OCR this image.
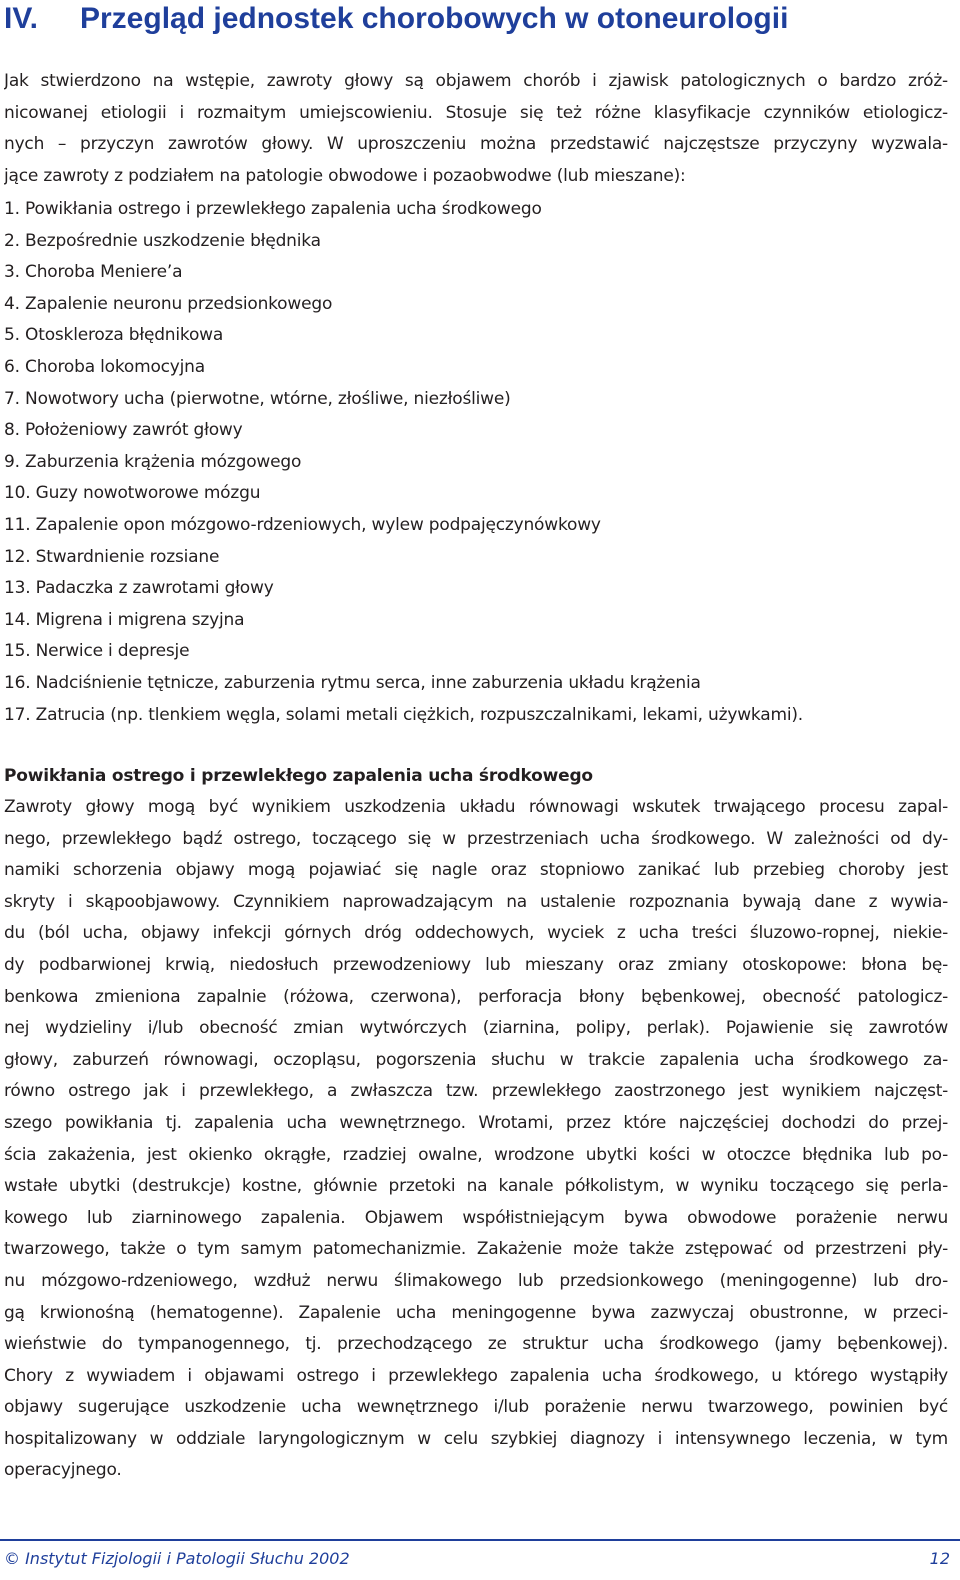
IV. Przegląd jednostek chorobowych w otoneurologii

Jak stwierdzono na wstępie, zawroty głowy są objawem chorób i zjawisk patologicznych o bardzo zróż-
nicowanej etiologii i rozmaitym umiejscowieniu. Stosuje się też różne klasyfikacje czynników etiologicz-
nych – przyczyn zawrotów głowy. W uproszczeniu można przedstawić najczęstsze przyczyny wyzwala-
jące zawroty z podziałem na patologie obwodowe i pozaobwodwe (lub mieszane):

1. Powikłania ostrego i przewlekłego zapalenia ucha środkowego
2. Bezpośrednie uszkodzenie błędnika
3. Choroba Meniere’a
4. Zapalenie neuronu przedsionkowego
5. Otoskleroza błędnikowa
6. Choroba lokomocyjna
7. Nowotwory ucha (pierwotne, wtórne, złośliwe, niezłośliwe)
8. Położeniowy zawrót głowy
9. Zaburzenia krążenia mózgowego
10. Guzy nowotworowe mózgu
11. Zapalenie opon mózgowo-rdzeniowych, wylew podpajęczynówkowy
12. Stwardnienie rozsiane
13. Padaczka z zawrotami głowy
14. Migrena i migrena szyjna
15. Nerwice i depresje
16. Nadciśnienie tętnicze, zaburzenia rytmu serca, inne zaburzenia układu krążenia
17. Zatrucia (np. tlenkiem węgla, solami metali ciężkich, rozpuszczalnikami, lekami, używkami).
Powikłania ostrego i przewlekłego zapalenia ucha środkowego

Zawroty głowy mogą być wynikiem uszkodzenia układu równowagi wskutek trwającego procesu zapal-
nego, przewlekłego bądź ostrego, toczącego się w przestrzeniach ucha środkowego. W zależności od dy-
namiki schorzenia objawy mogą pojawiać się nagle oraz stopniowo zanikać lub przebieg choroby jest
skryty i skąpoobjawowy. Czynnikiem naprowadzającym na ustalenie rozpoznania bywają dane z wywia-
du (ból ucha, objawy infekcji górnych dróg oddechowych, wyciek z ucha treści śluzowo-ropnej, niekie-
dy podbarwionej krwią, niedosłuch przewodzeniowy lub mieszany oraz zmiany otoskopowe: błona bę-
benkowa zmieniona zapalnie (różowa, czerwona), perforacja błony bębenkowej, obecność patologicz-
nej wydzieliny i/lub obecność zmian wytwórczych (ziarnina, polipy, perlak). Pojawienie się zawrotów
głowy, zaburzeń równowagi, oczopląsu, pogorszenia słuchu w trakcie zapalenia ucha środkowego za-
równo ostrego jak i przewlekłego, a zwłaszcza tzw. przewlekłego zaostrzonego jest wynikiem najczęst-
szego powikłania tj. zapalenia ucha wewnętrznego. Wrotami, przez które najczęściej dochodzi do przej-
ścia zakażenia, jest okienko okrągłe, rzadziej owalne, wrodzone ubytki kości w otoczce błędnika lub po-
wstałe ubytki (destrukcje) kostne, głównie przetoki na kanale półkolistym, w wyniku toczącego się perla-
kowego lub ziarninowego zapalenia. Objawem współistniejącym bywa obwodowe porażenie nerwu
twarzowego, także o tym samym patomechanizmie. Zakażenie może także zstępować od przestrzeni pły-
nu mózgowo-rdzeniowego, wzdłuż nerwu ślimakowego lub przedsionkowego (meningogenne) lub dro-
gą krwionośną (hematogenne). Zapalenie ucha meningogenne bywa zazwyczaj obustronne, w przeci-
wieństwie do tympanogennego, tj. przechodzącego ze struktur ucha środkowego (jamy bębenkowej).
Chory z wywiadem i objawami ostrego i przewlekłego zapalenia ucha środkowego, u którego wystąpiły
objawy sugerujące uszkodzenie ucha wewnętrznego i/lub porażenie nerwu twarzowego, powinien być
hospitalizowany w oddziale laryngologicznym w celu szybkiej diagnozy i intensywnego leczenia, w tym
operacyjnego.

© Instytut Fizjologii i Patologii Słuchu 2002	12
